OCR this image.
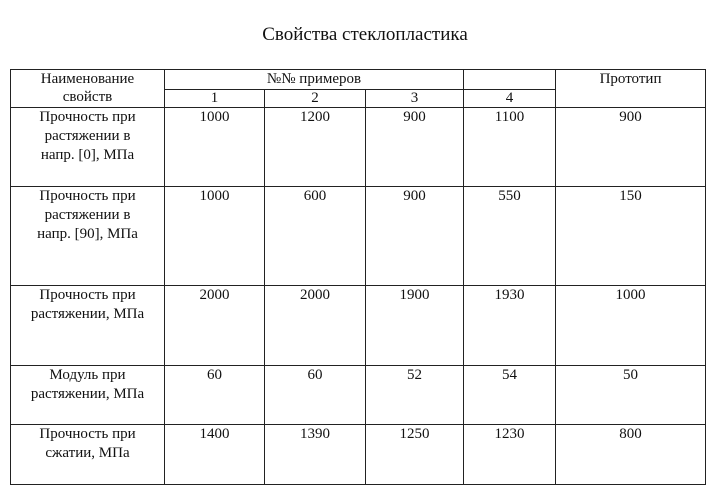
Свойства стеклопластика
Наименование
свойств	№№ примеров				Прототип
	1	2	3	4	

Прочность при
растяжении в
напр. [0], МПа	1000	1200	900	1100	900

Прочность при
растяжении в
напр. [90], МПа	1000	600	900	550	150

Прочность при
растяжении, МПа	2000	2000	1900	1930	1000

Модуль при
растяжении, МПа	60	60	52	54	50

Прочность при
сжатии, МПа	1400	1390	1250	1230	800
